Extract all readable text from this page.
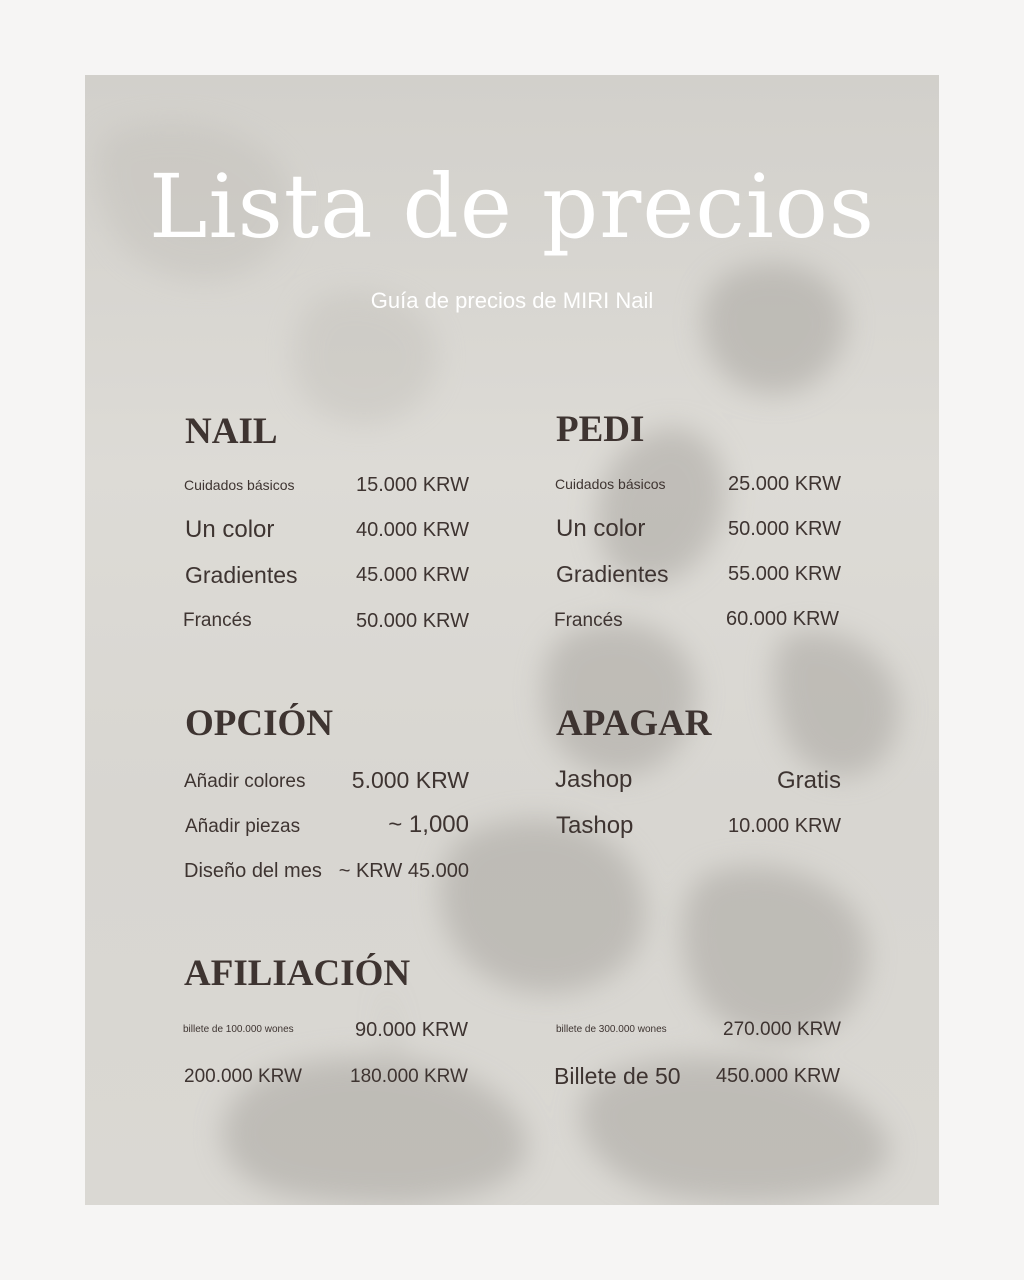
Lista de precios
Guía de precios de MIRI Nail
NAIL
Cuidados básicos	15.000 KRW
Un color	40.000 KRW
Gradientes	45.000 KRW
Francés	50.000 KRW
PEDI
Cuidados básicos	25.000 KRW
Un color	50.000 KRW
Gradientes	55.000 KRW
Francés	60.000 KRW
OPCIÓN
Añadir colores 5.000 KRW
Añadir piezas	~ 1,000
Diseño del mes ~ KRW 45.000
APAGAR
Jashop	Gratis
Tashop	10.000 KRW
AFILIACIÓN
billete de 100.000 wones	90.000 KRW
200.000 KRW	180.000 KRW
billete de 300.000 wones	270.000 KRW
Billete de 50 450.000 KRW
